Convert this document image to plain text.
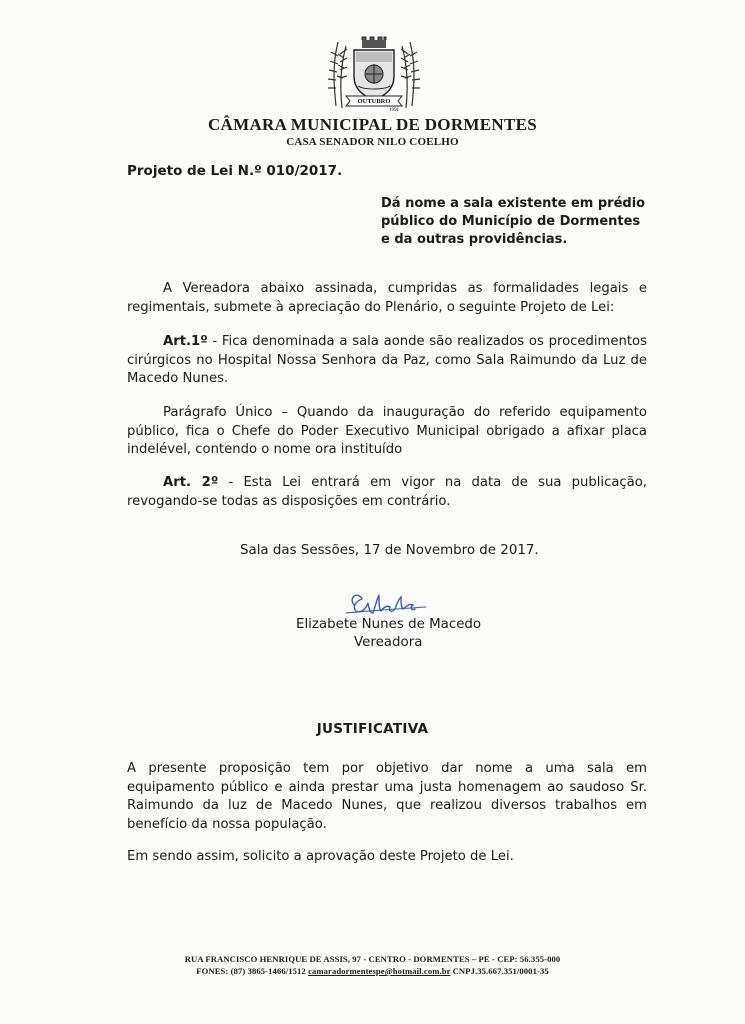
OUTUBRO
1991
CÂMARA MUNICIPAL DE DORMENTES
CASA SENADOR NILO COELHO
Projeto de Lei N.º 010/2017.
Dá nome a sala existente em prédio público do Município de Dormentes e da outras providências.
A Vereadora abaixo assinada, cumpridas as formalidades legais e regimentais, submete à apreciação do Plenário, o seguinte Projeto de Lei:
Art.1º - Fica denominada a sala aonde são realizados os procedimentos cirúrgicos no Hospital Nossa Senhora da Paz, como Sala Raimundo da Luz de Macedo Nunes.
Parágrafo Único – Quando da inauguração do referido equipamento público, fica o Chefe do Poder Executivo Municipal obrigado a afixar placa indelével, contendo o nome ora instituído
Art. 2º - Esta Lei entrará em vigor na data de sua publicação, revogando-se todas as disposições em contrário.
Sala das Sessões, 17 de Novembro de 2017.
Elizabete Nunes de Macedo
Vereadora
JUSTIFICATIVA
A presente proposição tem por objetivo dar nome a uma sala em equipamento público e ainda prestar uma justa homenagem ao saudoso Sr. Raimundo da luz de Macedo Nunes, que realizou diversos trabalhos em benefício da nossa população.
Em sendo assim, solicito a aprovação deste Projeto de Lei.
RUA FRANCISCO HENRIQUE DE ASSIS, 97 - CENTRO - DORMENTES – PE - CEP: 56.355-000
FONES: (87) 3865-1466/1512 camaradormentespe@hotmail.com.br CNPJ.35.667.351/0001-35
